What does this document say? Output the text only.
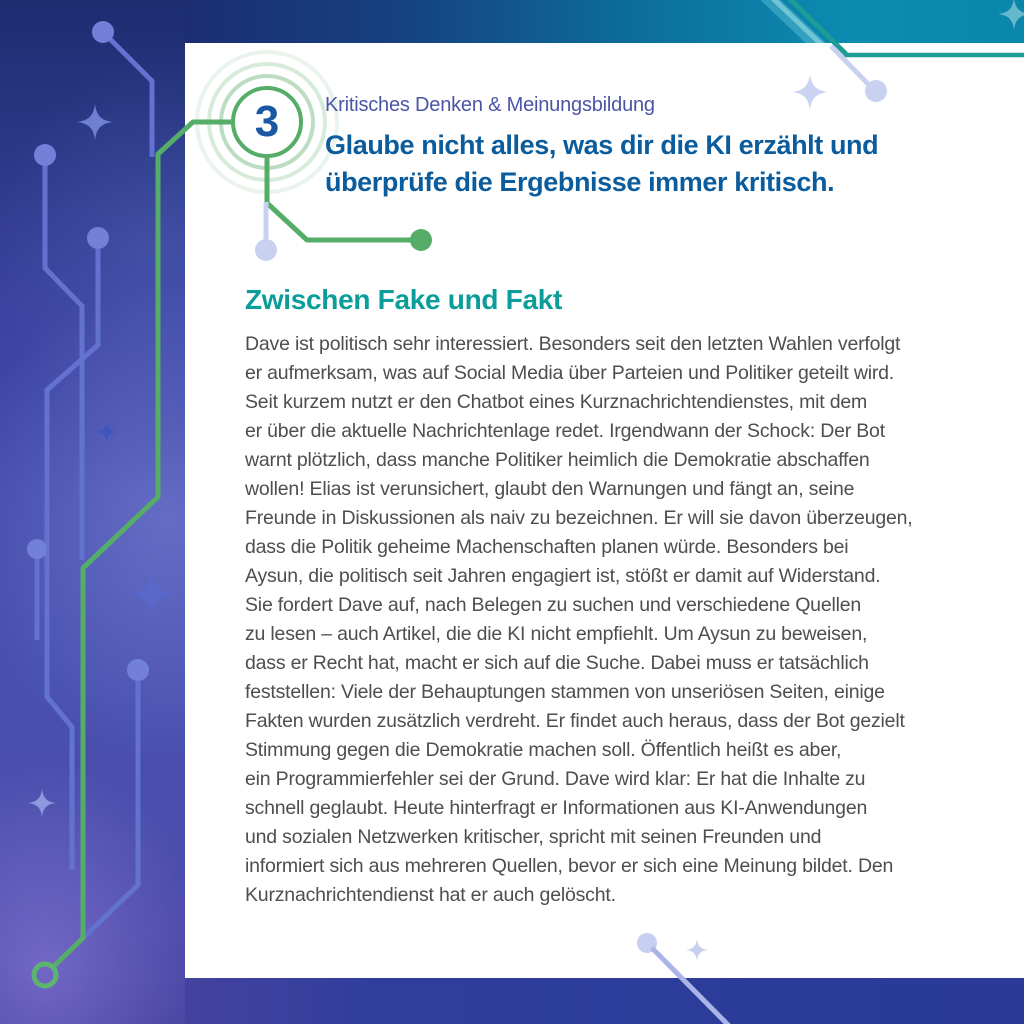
3 Kritisches Denken & Meinungsbildung
Glaube nicht alles, was dir die KI erzählt und
überprüfe die Ergebnisse immer kritisch.
Zwischen Fake und Fakt
Dave ist politisch sehr interessiert. Besonders seit den letzten Wahlen verfolgt
er aufmerksam, was auf Social Media über Parteien und Politiker geteilt wird.
Seit kurzem nutzt er den Chatbot eines Kurznachrichtendienstes, mit dem
er über die aktuelle Nachrichtenlage redet. Irgendwann der Schock: Der Bot
warnt plötzlich, dass manche Politiker heimlich die Demokratie abschaffen
wollen! Elias ist verunsichert, glaubt den Warnungen und fängt an, seine
Freunde in Diskussionen als naiv zu bezeichnen. Er will sie davon überzeugen,
dass die Politik geheime Machenschaften planen würde. Besonders bei
Aysun, die politisch seit Jahren engagiert ist, stößt er damit auf Widerstand.
Sie fordert Dave auf, nach Belegen zu suchen und verschiedene Quellen
zu lesen – auch Artikel, die die KI nicht empfiehlt. Um Aysun zu beweisen,
dass er Recht hat, macht er sich auf die Suche. Dabei muss er tatsächlich
feststellen: Viele der Behauptungen stammen von unseriösen Seiten, einige
Fakten wurden zusätzlich verdreht. Er findet auch heraus, dass der Bot gezielt
Stimmung gegen die Demokratie machen soll. Öffentlich heißt es aber,
ein Programmierfehler sei der Grund. Dave wird klar: Er hat die Inhalte zu
schnell geglaubt. Heute hinterfragt er Informationen aus KI-Anwendungen
und sozialen Netzwerken kritischer, spricht mit seinen Freunden und
informiert sich aus mehreren Quellen, bevor er sich eine Meinung bildet. Den
Kurznachrichtendienst hat er auch gelöscht.
